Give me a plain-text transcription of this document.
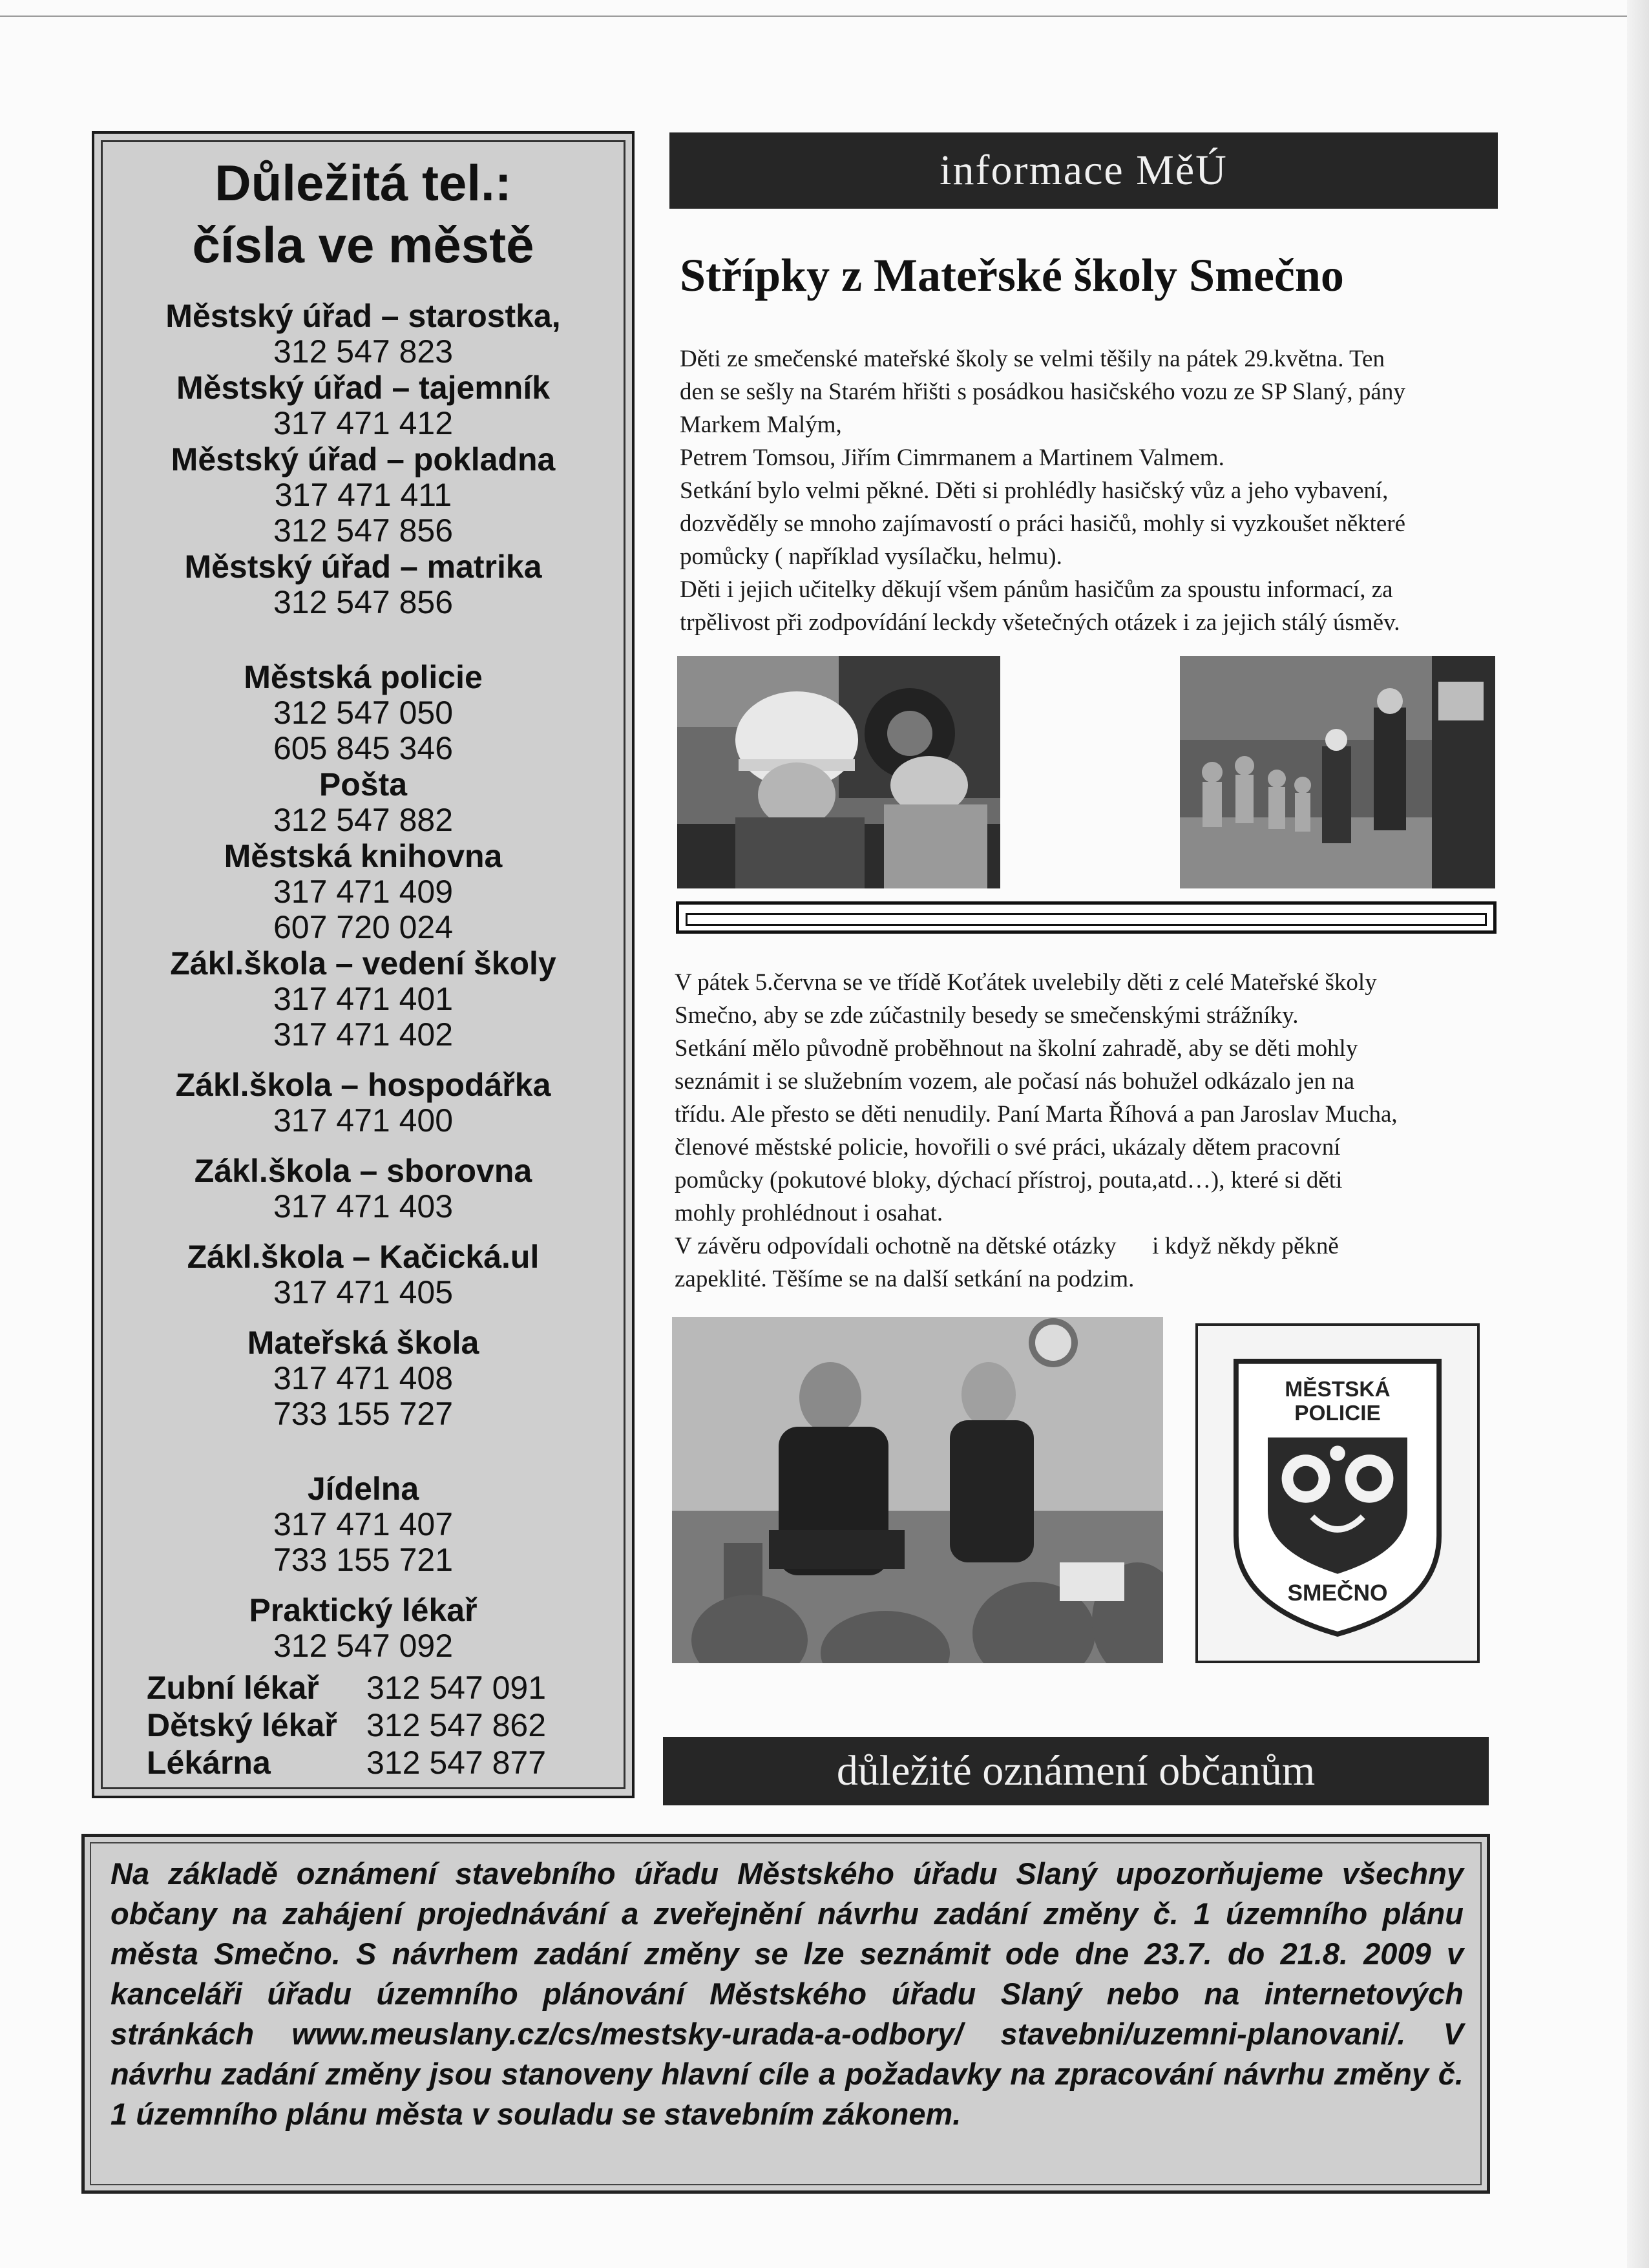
Důležitá tel.:
čísla ve městě
Městský úřad – starostka,
312 547 823
Městský úřad – tajemník
317 471 412
Městský úřad – pokladna
317 471 411
312 547 856
Městský úřad – matrika
312 547 856
Městská policie
312 547 050
605 845 346
Pošta
312 547 882
Městská knihovna
317 471 409
607 720 024
Zákl.škola – vedení školy
317 471 401
317 471 402
Zákl.škola – hospodářka
317 471 400
Zákl.škola – sborovna
317 471 403
Zákl.škola – Kačická.ul
317 471 405
Mateřská škola
317 471 408
733 155 727
Jídelna
317 471 407
733 155 721
Praktický lékař
312 547 092
Zubní lékař	312 547 091
Dětský lékař 312 547 862
Lékárna	312 547 877
informace MěÚ
Střípky z Mateřské školy Smečno

Děti ze smečenské mateřské školy se velmi těšily na pátek 29.května. Ten

den se sešly na Starém hřišti s posádkou hasičského vozu ze SP Slaný, pány

Markem Malým,

Petrem Tomsou, Jiřím Cimrmanem a Martinem Valmem.

Setkání bylo velmi pěkné. Děti si prohlédly hasičský vůz a jeho vybavení,

dozvěděly se mnoho zajímavostí o práci hasičů, mohly si vyzkoušet některé

pomůcky ( například vysílačku, helmu).

Děti i jejich učitelky děkují všem pánům hasičům za spoustu informací, za

trpělivost při zodpovídání leckdy všetečných otázek i za jejich stálý úsměv.

V pátek 5.června se ve třídě Koťátek uvelebily děti z celé Mateřské školy

Smečno, aby se zde zúčastnily besedy se smečenskými strážníky.

Setkání mělo původně proběhnout na školní zahradě, aby se děti mohly

seznámit i se služebním vozem, ale počasí nás bohužel odkázalo jen na

třídu. Ale přesto se děti nenudily. Paní Marta Říhová a pan Jaroslav Mucha,

členové městské policie, hovořili o své práci, ukázaly dětem pracovní

pomůcky (pokutové bloky, dýchací přístroj, pouta,atd…), které si děti

mohly prohlédnout i osahat.

V závěru odpovídali ochotně na dětské otázky      i když někdy pěkně

zapeklité. Těšíme se na další setkání na podzim.

MĚSTSKÁ
POLICIE
SMEČNO
důležité oznámení občanům

Na základě oznámení stavebního úřadu Městského úřadu Slaný upozorňujeme všechny občany na zahájení projednávání a zveřejnění návrhu zadání změny č. 1 územního plánu města Smečno. S návrhem zadání změny se lze seznámit ode dne 23.7. do 21.8. 2009 v kanceláři úřadu územního plánování Městského úřadu Slaný nebo na internetových stránkách www.meuslany.cz/cs/mestsky-urada-a-odbory/ stavebni/uzemni-planovani/. V návrhu zadání změny jsou stanoveny hlavní cíle a požadavky na zpracování návrhu změny č. 1 územního plánu města v souladu se stavebním zákonem.
